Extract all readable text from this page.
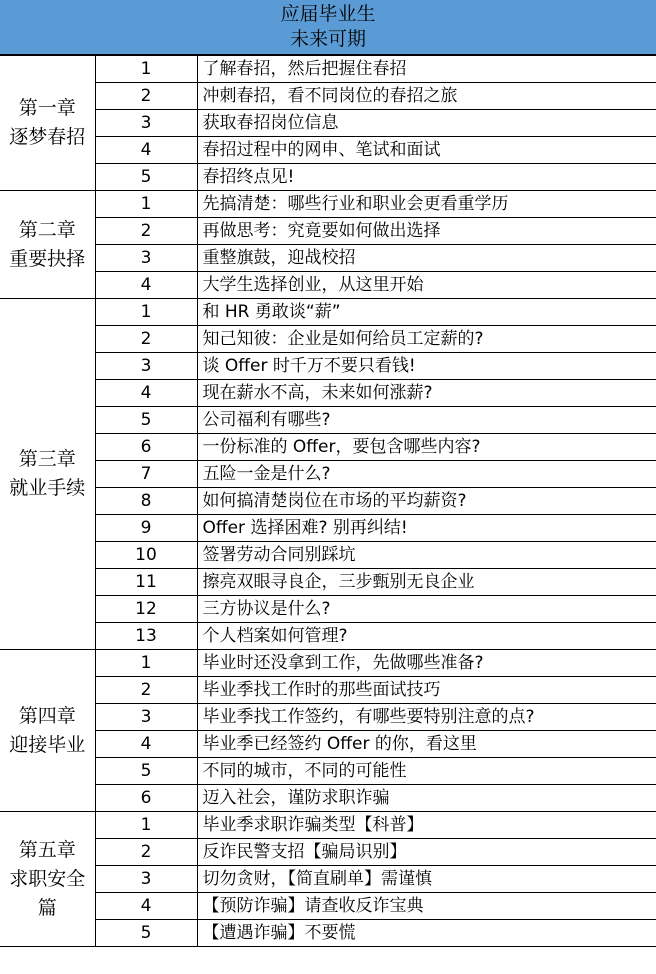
应届毕业生
未来可期
第一章
逐梦春招	1	了解春招，然后把握住春招
	2	冲刺春招，看不同岗位的春招之旅
	3	获取春招岗位信息
	4	春招过程中的网申、笔试和面试
	5	春招终点见!

第二章
重要抉择	1	先搞清楚：哪些行业和职业会更看重学历
	2	再做思考：究竟要如何做出选择
	3	重整旗鼓，迎战校招
	4	大学生选择创业，从这里开始

第三章
就业手续	1	和 HR 勇敢谈“薪”
	2	知己知彼：企业是如何给员工定薪的?
	3	谈 Offer 时千万不要只看钱!
	4	现在薪水不高，未来如何涨薪?
	5	公司福利有哪些?
	6	一份标准的 Offer，要包含哪些内容?
	7	五险一金是什么?
	8	如何搞清楚岗位在市场的平均薪资?
	9	Offer 选择困难? 别再纠结!
	10	签署劳动合同别踩坑
	11	擦亮双眼寻良企，三步甄别无良企业
	12	三方协议是什么?
	13	个人档案如何管理?

第四章
迎接毕业	1	毕业时还没拿到工作，先做哪些准备?
	2	毕业季找工作时的那些面试技巧
	3	毕业季找工作签约，有哪些要特别注意的点?
	4	毕业季已经签约 Offer 的你，看这里
	5	不同的城市，不同的可能性
	6	迈入社会，谨防求职诈骗

第五章
求职安全
篇	1	毕业季求职诈骗类型【科普】
	2	反诈民警支招【骗局识别】
	3	切勿贪财，【简直刷单】需谨慎
	4	【预防诈骗】请查收反诈宝典
	5	【遭遇诈骗】不要慌
